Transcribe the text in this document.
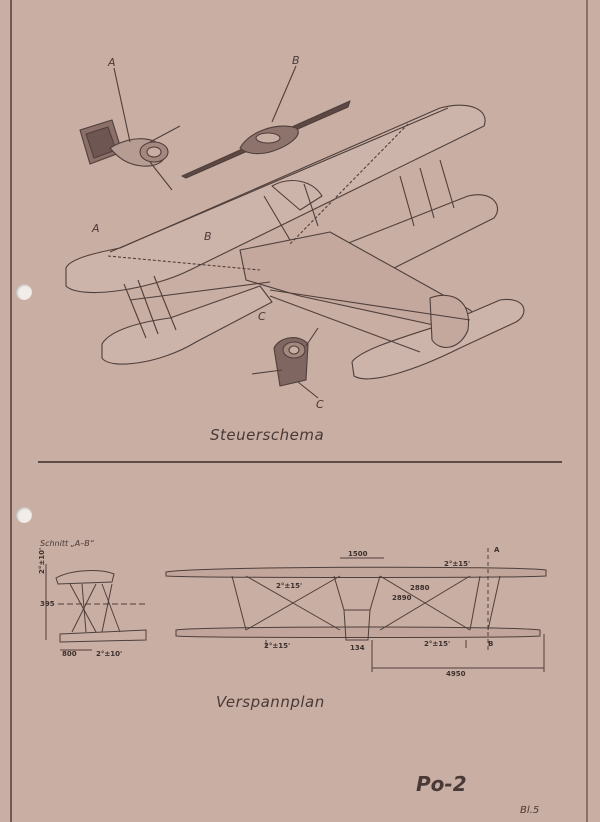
A	B
A
B
C
C
Schnitt „A–B“
2°±10'
395
800	2°±10'
1500
2°±15'
A
2°±15'	2880
2890
2°±15'	134	2°±15'	B
4950
Steuerschema
Verspannplan
Po-2
Bl.5
